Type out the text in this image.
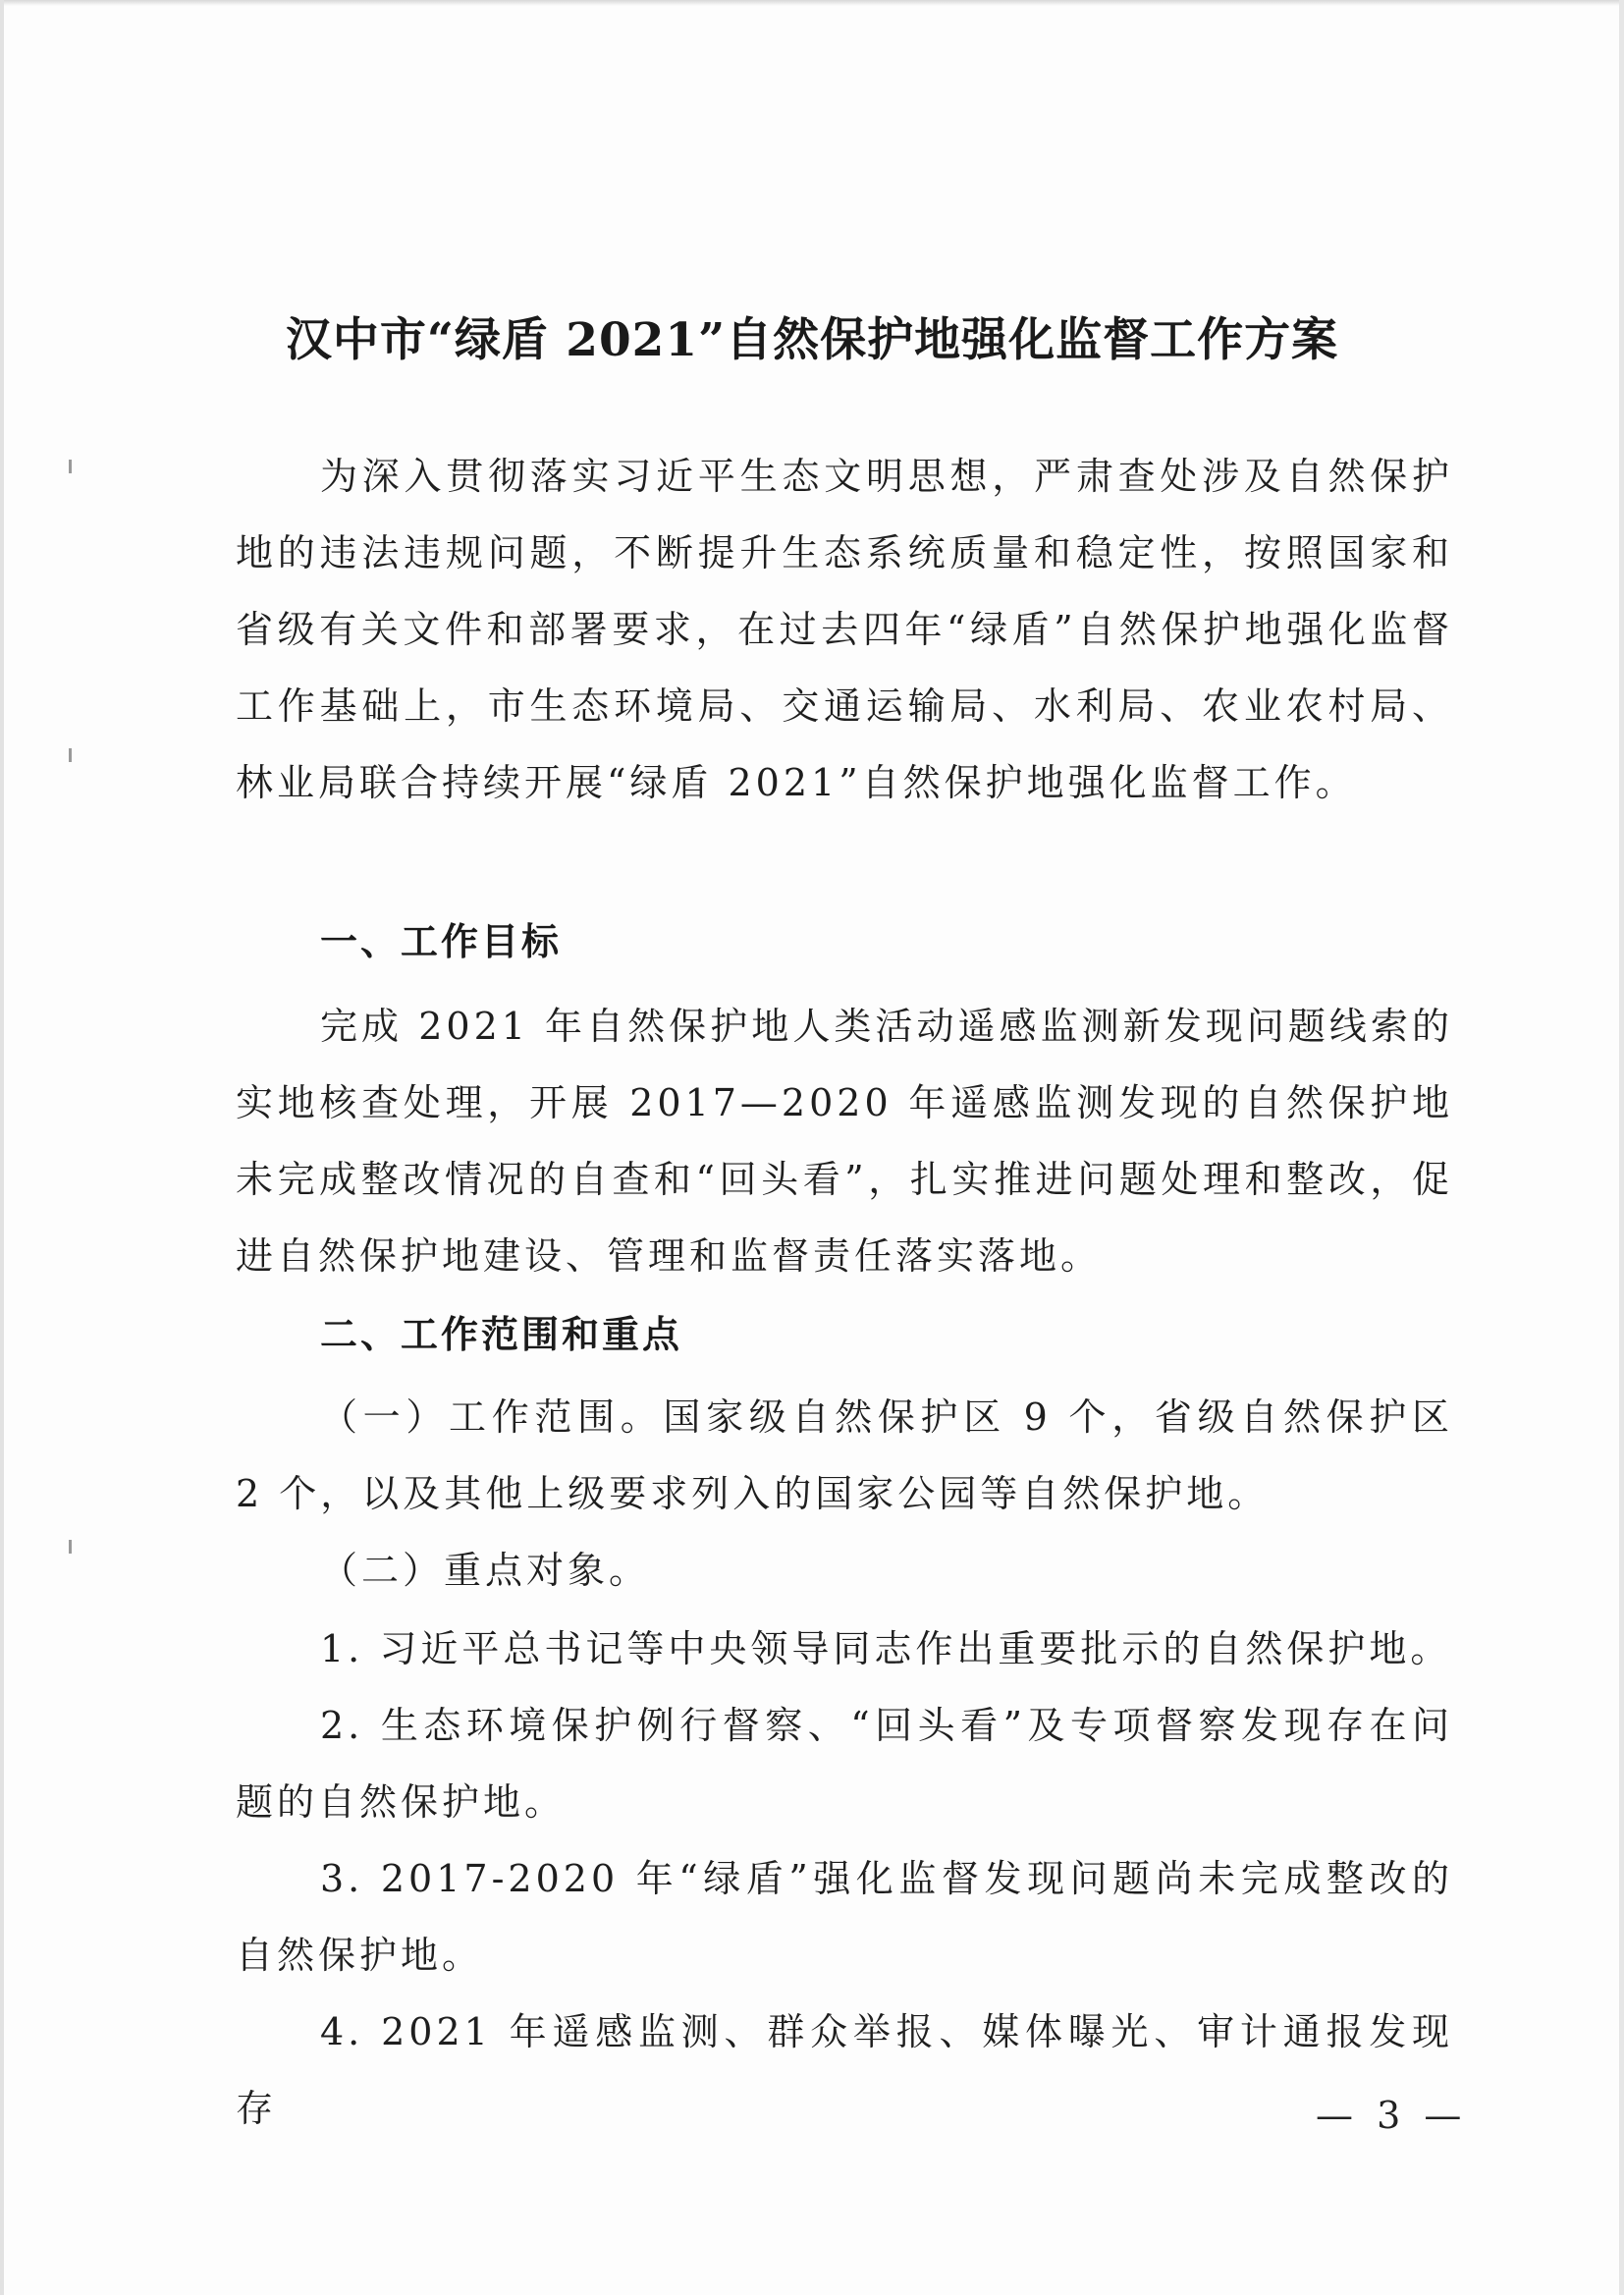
汉中市“绿盾 2021”自然保护地强化监督工作方案

为深入贯彻落实习近平生态文明思想，严肃查处涉及自然保护地的违法违规问题，不断提升生态系统质量和稳定性，按照国家和省级有关文件和部署要求，在过去四年“绿盾”自然保护地强化监督工作基础上，市生态环境局、交通运输局、水利局、农业农村局、林业局联合持续开展“绿盾 2021”自然保护地强化监督工作。

一、工作目标

完成 2021 年自然保护地人类活动遥感监测新发现问题线索的实地核查处理，开展 2017—2020 年遥感监测发现的自然保护地未完成整改情况的自查和“回头看”，扎实推进问题处理和整改，促进自然保护地建设、管理和监督责任落实落地。

二、工作范围和重点

（一）工作范围。国家级自然保护区 9 个，省级自然保护区 2 个，以及其他上级要求列入的国家公园等自然保护地。

（二）重点对象。

1. 习近平总书记等中央领导同志作出重要批示的自然保护地。

2. 生态环境保护例行督察、“回头看”及专项督察发现存在问题的自然保护地。

3. 2017-2020 年“绿盾”强化监督发现问题尚未完成整改的自然保护地。

4. 2021 年遥感监测、群众举报、媒体曝光、审计通报发现存	— 3 —
